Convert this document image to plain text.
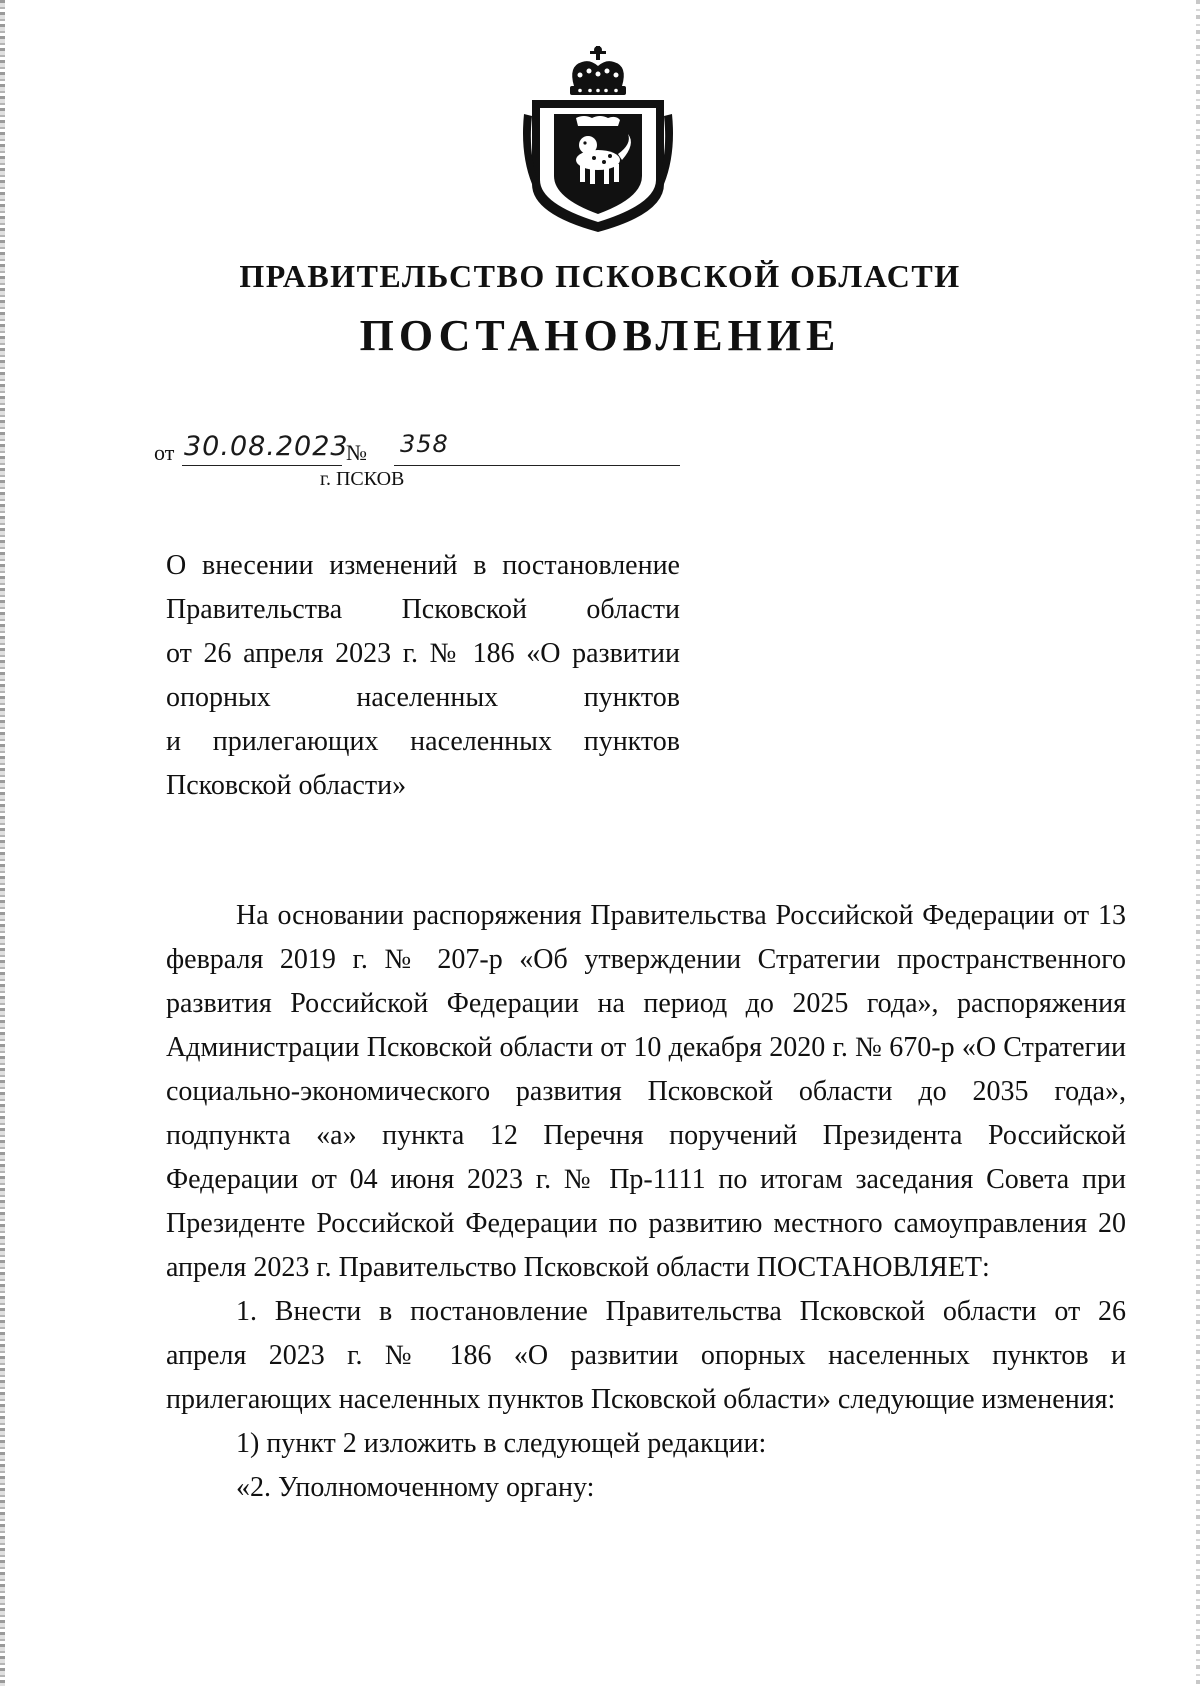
ПРАВИТЕЛЬСТВО ПСКОВСКОЙ ОБЛАСТИ
ПОСТАНОВЛЕНИЕ
от 30.08.2023
№ 358
г. ПСКОВ
О внесении изменений в постановление
Правительства Псковской области
от 26 апреля 2023 г. № 186 «О развитии
опорных населенных пунктов
и прилегающих населенных пунктов
Псковской области»

На основании распоряжения Правительства Российской Федерации от 13 февраля 2019 г. № 207-р «Об утверждении Стратегии пространственного развития Российской Федерации на период до 2025 года», распоряжения Администрации Псковской области от 10 декабря 2020 г. № 670-р «О Стратегии социально-экономического развития Псковской области до 2035 года», подпункта «а» пункта 12 Перечня поручений Президента Российской Федерации от 04 июня 2023 г. № Пр-1111 по итогам заседания Совета при Президенте Российской Федерации по развитию местного самоуправления 20 апреля 2023 г. Правительство Псковской области ПОСТАНОВЛЯЕТ:

1. Внести в постановление Правительства Псковской области от 26 апреля 2023 г. № 186 «О развитии опорных населенных пунктов и прилегающих населенных пунктов Псковской области» следующие изменения:

1) пункт 2 изложить в следующей редакции:

«2. Уполномоченному органу:
